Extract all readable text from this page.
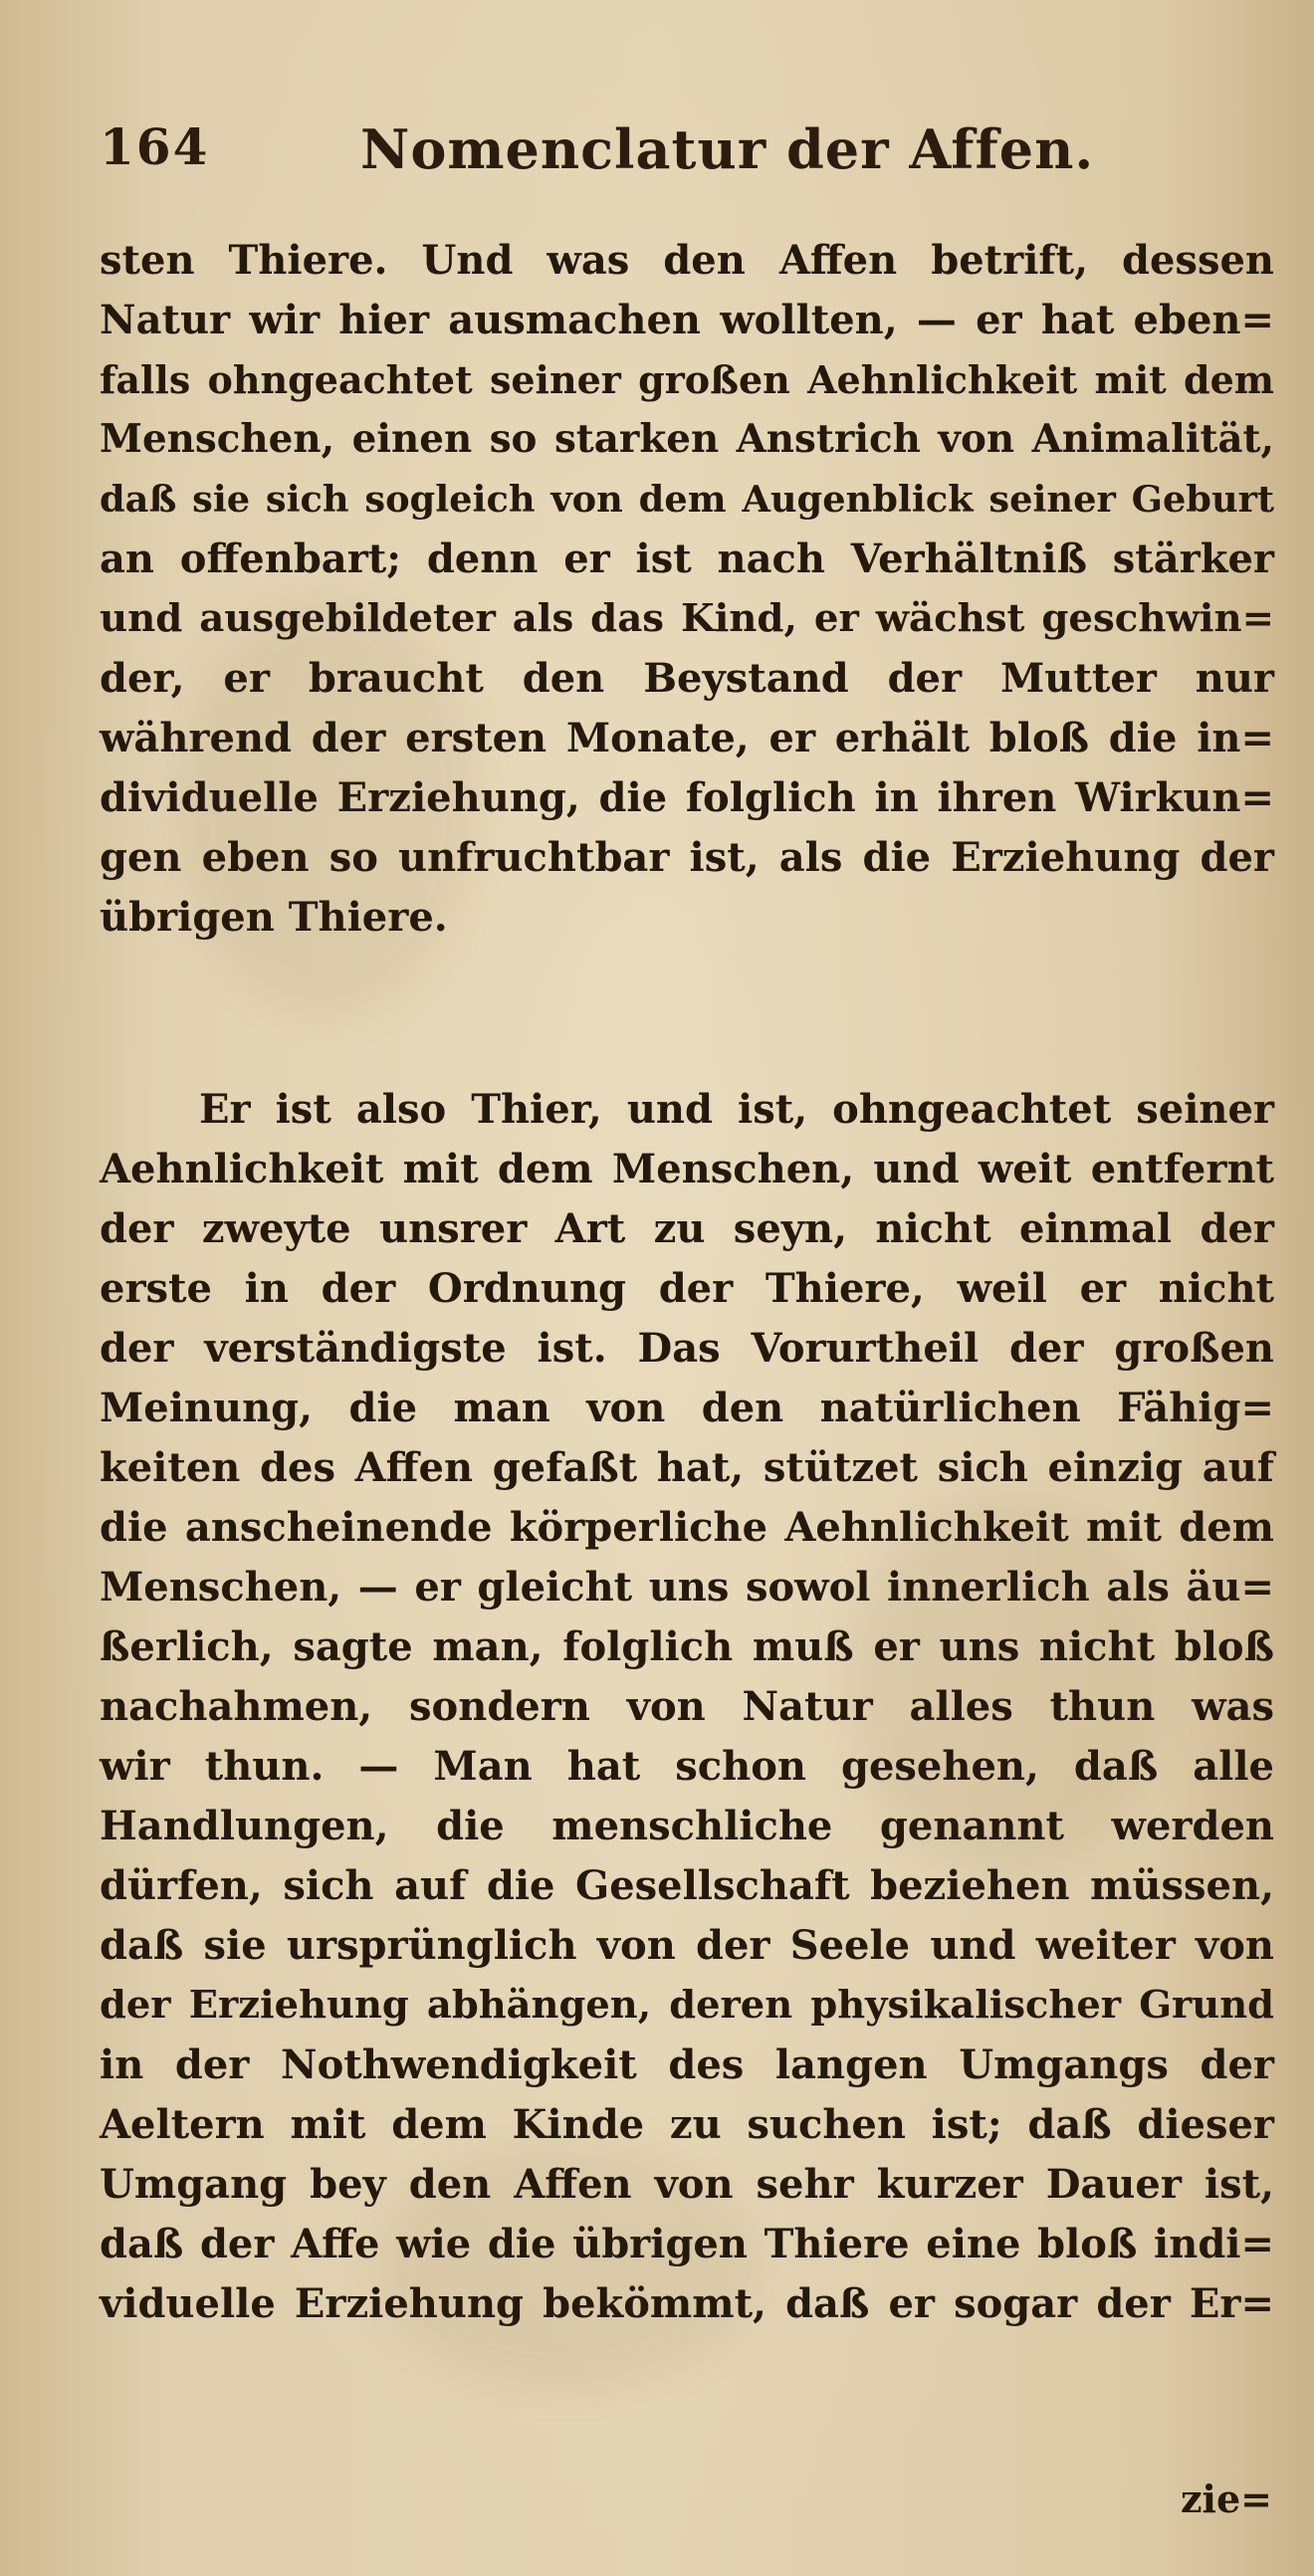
164	Nomenclatur der Affen.
sten Thiere. Und was den Affen betrift, dessen
Natur wir hier ausmachen wollten, — er hat eben=
falls ohngeachtet seiner großen Aehnlichkeit mit dem
Menschen, einen so starken Anstrich von Animalität,
daß sie sich sogleich von dem Augenblick seiner Geburt
an offenbart; denn er ist nach Verhältniß stärker
und ausgebildeter als das Kind, er wächst geschwin=
der, er braucht den Beystand der Mutter nur
während der ersten Monate, er erhält bloß die in=
dividuelle Erziehung, die folglich in ihren Wirkun=
gen eben so unfruchtbar ist, als die Erziehung der
übrigen Thiere.
Er ist also Thier, und ist, ohngeachtet seiner
Aehnlichkeit mit dem Menschen, und weit entfernt
der zweyte unsrer Art zu seyn, nicht einmal der
erste in der Ordnung der Thiere, weil er nicht
der verständigste ist. Das Vorurtheil der großen
Meinung, die man von den natürlichen Fähig=
keiten des Affen gefaßt hat, stützet sich einzig auf
die anscheinende körperliche Aehnlichkeit mit dem
Menschen, — er gleicht uns sowol innerlich als äu=
ßerlich, sagte man, folglich muß er uns nicht bloß
nachahmen, sondern von Natur alles thun was
wir thun. — Man hat schon gesehen, daß alle
Handlungen, die menschliche genannt werden
dürfen, sich auf die Gesellschaft beziehen müssen,
daß sie ursprünglich von der Seele und weiter von
der Erziehung abhängen, deren physikalischer Grund
in der Nothwendigkeit des langen Umgangs der
Aeltern mit dem Kinde zu suchen ist; daß dieser
Umgang bey den Affen von sehr kurzer Dauer ist,
daß der Affe wie die übrigen Thiere eine bloß indi=
viduelle Erziehung bekömmt, daß er sogar der Er=
zie=
